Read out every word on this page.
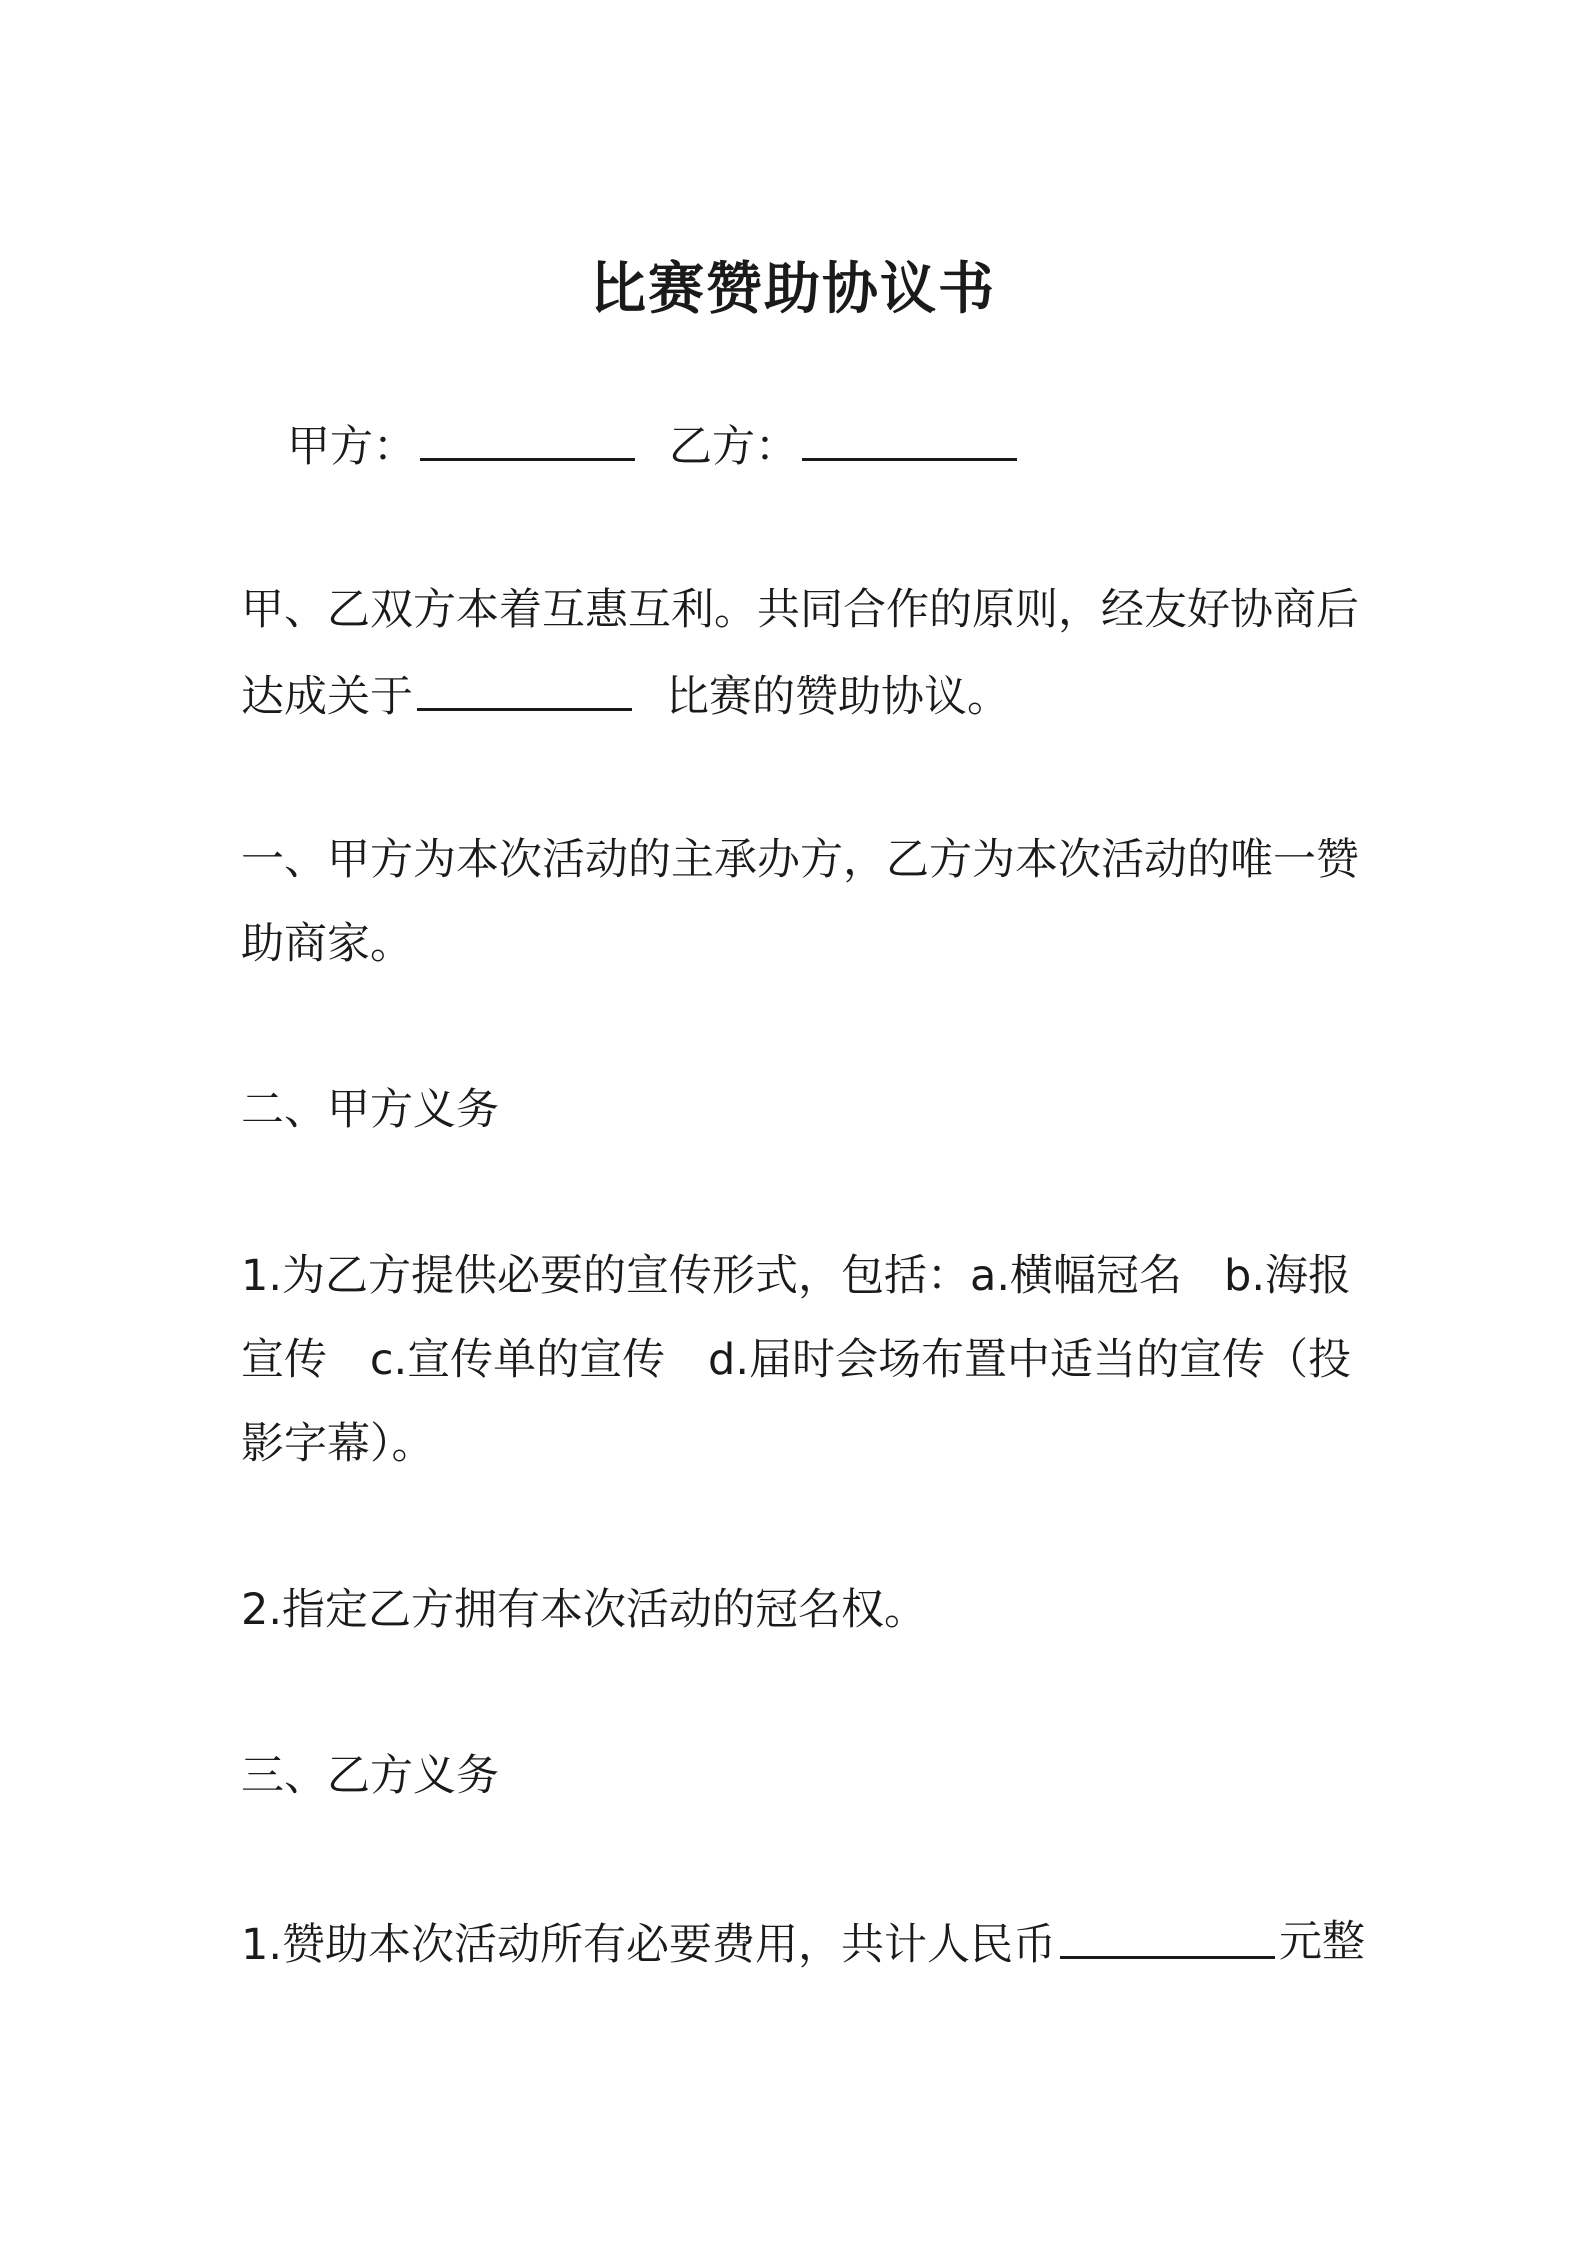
比赛赞助协议书
甲方：	乙方：
甲、乙双方本着互惠互利。共同合作的原则，经友好协商后
达成关于	比赛的赞助协议。
一、甲方为本次活动的主承办方，乙方为本次活动的唯一赞
助商家。
二、甲方义务
1.为乙方提供必要的宣传形式，包括：a.横幅冠名 b.海报
宣传 c.宣传单的宣传 d.届时会场布置中适当的宣传（投
影字幕）。
2.指定乙方拥有本次活动的冠名权。
三、乙方义务
1.赞助本次活动所有必要费用，共计人民币	元整
